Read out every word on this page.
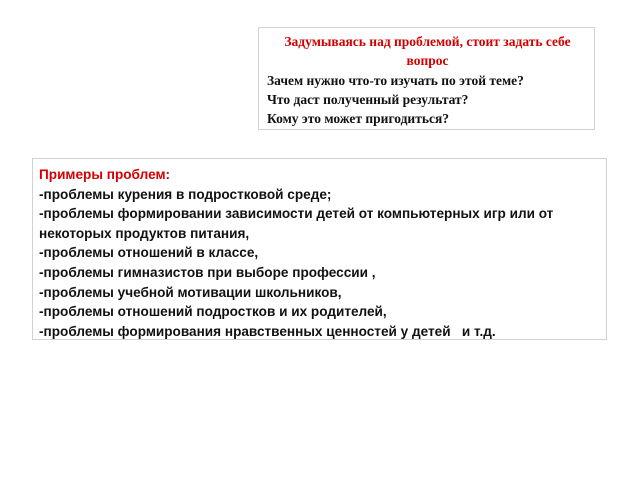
Задумываясь над проблемой, стоит задать себе вопрос
Зачем нужно что-то изучать по этой теме?
Что даст полученный результат?
Кому это может пригодиться?
Примеры проблем:
-проблемы курения в подростковой среде;
-проблемы формировании зависимости детей от компьютерных игр или от некоторых продуктов питания,
-проблемы отношений в классе,
-проблемы гимназистов при выборе профессии ,
-проблемы учебной мотивации школьников,
-проблемы отношений подростков и их родителей,
-проблемы формирования нравственных ценностей у детей   и т.д.
